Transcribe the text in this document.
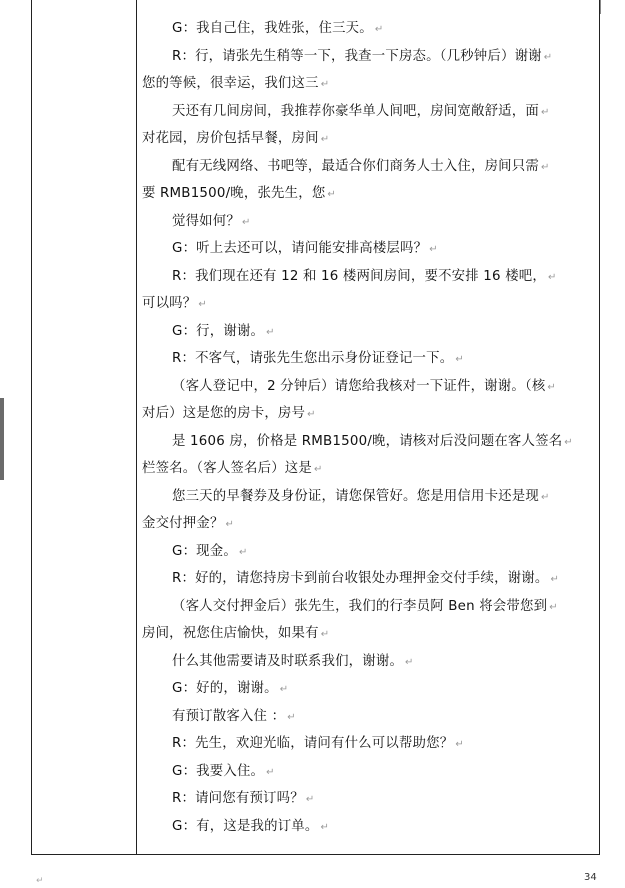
G：我自己住，我姓张，住三天。 ↵
R：行，请张先生稍等一下，我查一下房态。（几秒钟后）谢谢 ↵
您的等候，很幸运，我们这三 ↵
天还有几间房间，我推荐你豪华单人间吧，房间宽敞舒适，面 ↵
对花园，房价包括早餐，房间 ↵
配有无线网络、书吧等，最适合你们商务人士入住，房间只需 ↵
要 RMB1500/晚，张先生，您 ↵
觉得如何？ ↵
G：听上去还可以，请问能安排高楼层吗？ ↵
R：我们现在还有 12 和 16 楼两间房间，要不安排 16 楼吧， ↵
可以吗？ ↵
G：行，谢谢。 ↵
R：不客气，请张先生您出示身份证登记一下。 ↵
（客人登记中，2 分钟后）请您给我核对一下证件，谢谢。（核 ↵
对后）这是您的房卡，房号 ↵
是 1606 房，价格是 RMB1500/晚，请核对后没问题在客人签名 ↵
栏签名。（客人签名后）这是 ↵
您三天的早餐券及身份证，请您保管好。您是用信用卡还是现 ↵
金交付押金？ ↵
G：现金。 ↵
R：好的，请您持房卡到前台收银处办理押金交付手续，谢谢。 ↵
（客人交付押金后）张先生，我们的行李员阿 Ben 将会带您到 ↵
房间，祝您住店愉快，如果有 ↵
什么其他需要请及时联系我们，谢谢。 ↵
G：好的，谢谢。 ↵
有预订散客入住 ： ↵
R：先生，欢迎光临，请问有什么可以帮助您？ ↵
G：我要入住。 ↵
R：请问您有预订吗？ ↵
G：有，这是我的订单。 ↵
↵	34
